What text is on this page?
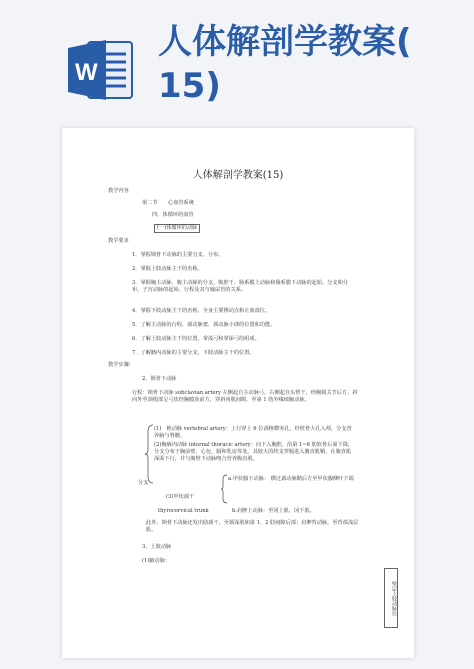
W
人体解剖学教案(
15)
人体解剖学教案(15)
教学内容
第二节　　心血管系统
四、体循环的血管
(一)体循环的动脉
教学要求
1．掌握锁骨下动脉的主要分支、分布。
2．掌握上肢动脉主干的名称。
3．掌握胸主动脉、腹主动脉的分支，腹腔干、肠系膜上动脉和肠系膜下动脉的起始、分支和分布，子宫动脉的起始、行程及其与输尿管的关系。
4．掌握下肢动脉主干的名称，全身主要搏动点和止血部位。
5．了解主动脉的行程，颈动脉窦、颈动脉小球的位置和功能。
6．了解上肢动脉主干的位置，掌浅弓和掌深弓的组成。
7．了解髂内动脉的主要分支，下肢动脉主干的位置。
教学步骤：
2、锁骨下动脉
行程：锁骨下动脉 subclavian artery 左侧起自主动脉弓，右侧起自头臂干，经胸锁关节后方，斜向外至颈根部呈弓状经胸膜顶前方，穿斜角肌间隙，至第 1 肋外缘续腋动脉。
(1)　椎动脉 vertebral artery：上行穿上 6 位颈椎横突孔，经枕骨大孔入颅，分支营养脑与脊髓。
(2)胸廓内动脉 internal thoracic artery：向下入胸腔，沿第 1~6 肋软骨后面下降，分支分布于胸前壁、心包、膈和乳房等处。其较大的终支穿膈进入腹直肌鞘，在腹直肌深面下行，并与腹壁下动脉吻合营养腹直肌。
分支
a.甲状腺下动脉： 横过颈动脉鞘后方至甲状腺侧叶下端
(3)甲状颈干
thyrocervical trunk	b.肩胛上动脉：至冈上肌、冈下肌。
此外，锁骨下动脉还发出肋颈干，至颈深肌和第 1、2 肋间隙后部；肩胛背动脉，至背部浅层肌。
3、上肢动脉
(1)腋动脉：
壁层上肢动脉住
